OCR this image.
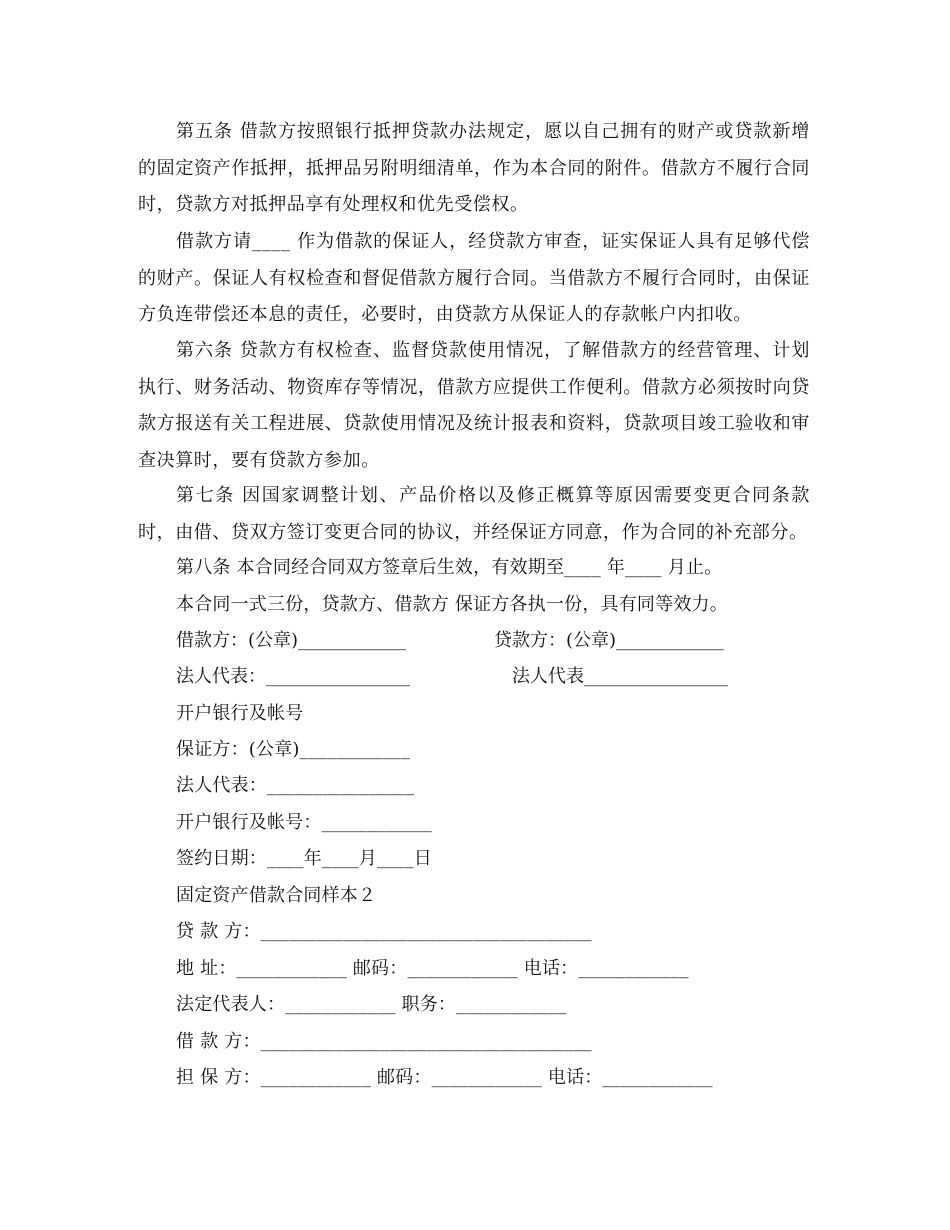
第五条 借款方按照银行抵押贷款办法规定，愿以自己拥有的财产或贷款新增的固定资产作抵押，抵押品另附明细清单，作为本合同的附件。借款方不履行合同时，贷款方对抵押品享有处理权和优先受偿权。
借款方请____ 作为借款的保证人，经贷款方审查，证实保证人具有足够代偿的财产。保证人有权检查和督促借款方履行合同。当借款方不履行合同时，由保证方负连带偿还本息的责任，必要时，由贷款方从保证人的存款帐户内扣收。
第六条 贷款方有权检查、监督贷款使用情况，了解借款方的经营管理、计划执行、财务活动、物资库存等情况，借款方应提供工作便利。借款方必须按时向贷款方报送有关工程进展、贷款使用情况及统计报表和资料，贷款项目竣工验收和审查决算时，要有贷款方参加。
第七条 因国家调整计划、产品价格以及修正概算等原因需要变更合同条款时，由借、贷双方签订变更合同的协议，并经保证方同意，作为合同的补充部分。
第八条 本合同经合同双方签章后生效，有效期至____ 年____ 月止。
本合同一式三份，贷款方、借款方 保证方各执一份，具有同等效力。
借款方：(公章)____________	贷款方：(公章)____________
法人代表：________________	法人代表________________
开户银行及帐号
保证方：(公章)____________
法人代表：________________
开户银行及帐号：____________
签约日期：____年____月____日
固定资产借款合同样本２
贷 款 方：____________________________________
地 址：____________ 邮码：____________ 电话：____________
法定代表人：____________ 职务：____________
借 款 方：____________________________________
担 保 方：____________ 邮码：____________ 电话：____________
